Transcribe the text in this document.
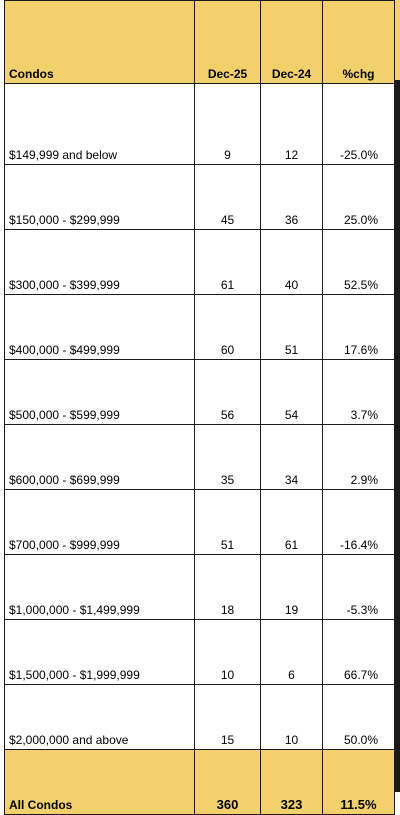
Condos	Dec-25	Dec-24	%chg
$149,999 and below	9	12	-25.0%
$150,000 - $299,999	45	36	25.0%
$300,000 - $399,999	61	40	52.5%
$400,000 - $499,999	60	51	17.6%
$500,000 - $599,999	56	54	3.7%
$600,000 - $699,999	35	34	2.9%
$700,000 - $999,999	51	61	-16.4%
$1,000,000 - $1,499,999	18	19	-5.3%
$1,500,000 - $1,999,999	10	6	66.7%
$2,000,000 and above	15	10	50.0%
All Condos	360	323	11.5%
